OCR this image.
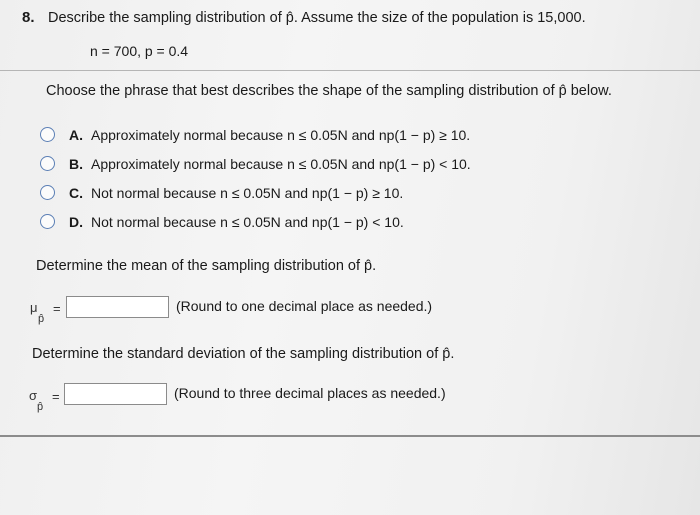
8. Describe the sampling distribution of p̂. Assume the size of the population is 15,000.
n = 700, p = 0.4
Choose the phrase that best describes the shape of the sampling distribution of p̂ below.
A. Approximately normal because n ≤ 0.05N and np(1 − p) ≥ 10.
B. Approximately normal because n ≤ 0.05N and np(1 − p) < 10.
C. Not normal because n ≤ 0.05N and np(1 − p) ≥ 10.
D. Not normal because n ≤ 0.05N and np(1 − p) < 10.
Determine the mean of the sampling distribution of p̂.
μ
p̂
=	(Round to one decimal place as needed.)
Determine the standard deviation of the sampling distribution of p̂.
σ
p̂
=	(Round to three decimal places as needed.)
